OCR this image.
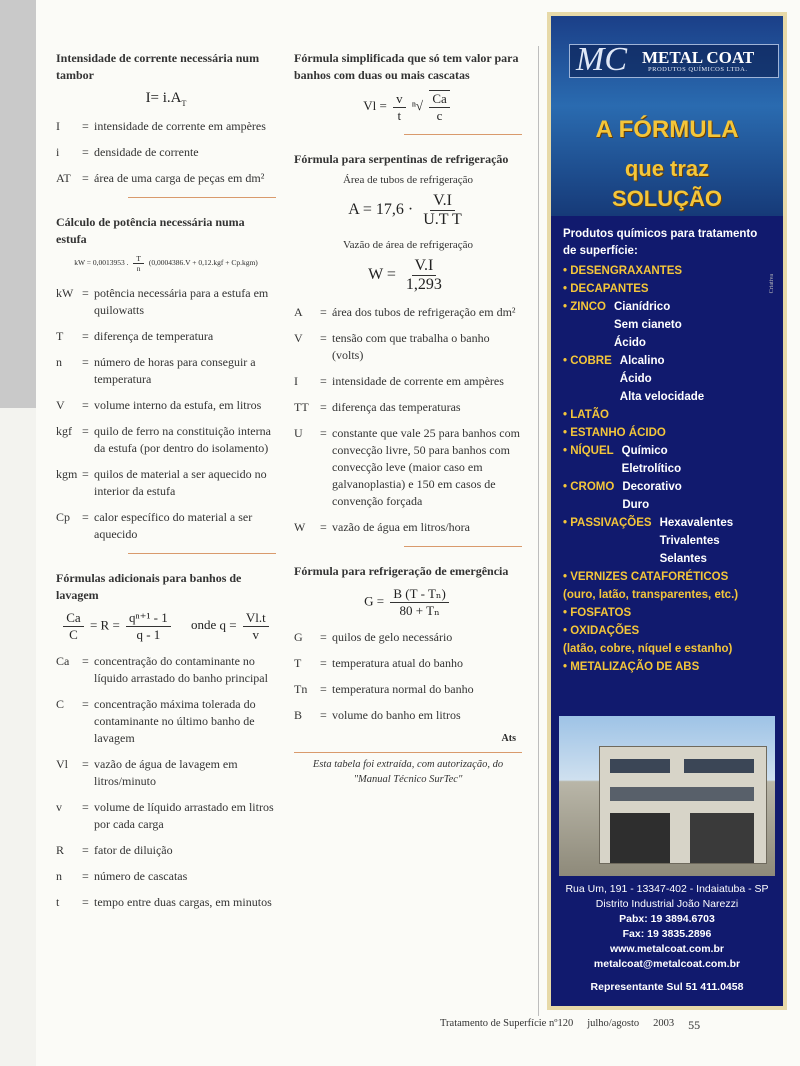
Intensidade de corrente necessária num tambor
$I= i.A_T$
I	= intensidade de corrente em ampères
i	= densidade de corrente
AT = área de uma carga de peças em dm²
Cálculo de potência necessária numa estufa
kW = 0,0013953 . $\frac{T}{n} (0,0004386.V + 0,12.kgf + Cp.kgm)$
kW = potência necessária para a estufa em quilowatts
T	= diferença de temperatura
n	= número de horas para conseguir a temperatura
V	= volume interno da estufa, em litros
kgf = quilo de ferro na constituição interna da estufa (por dentro do isolamento)
kgm = quilos de material a ser aquecido no interior da estufa
Cp = calor específico do material a ser aquecido
Fórmulas adicionais para banhos de lavagem
$\frac{Ca}{C} = R = \frac{\text{qⁿ⁺¹ - 1}}{q - 1}$ onde $q = \frac{Vl.t}{v}$
Ca	= concentração do contaminante no líquido arrastado do banho principal
C	= concentração máxima tolerada do contaminante no último banho de lavagem
Vl	= vazão de água de lavagem em litros/minuto
v	= volume de líquido arrastado em litros por cada carga
R	= fator de diluição
n	= número de cascatas
t	= tempo entre duas cargas, em minutos
Fórmula simplificada que só tem valor para banhos com duas ou mais cascatas
$Vl = \frac{v}{t} ^n√ \frac{Ca}{c}$
Fórmula para serpentinas de refrigeração
Área de tubos de refrigeração
$A = 17,6 \cdot \frac{V.I}{\text{U.T T}}$
Vazão de área de refrigeração
$W = \frac{V.I}{1,293}$
A	= área dos tubos de refrigeração em dm²
V	= tensão com que trabalha o banho (volts)
I	= intensidade de corrente em ampères
TT = diferença das temperaturas
U	= constante que vale 25 para banhos com convecção livre, 50 para banhos com convecção leve (maior caso em galvanoplastia) e 150 em casos de convenção forçada
W	= vazão de água em litros/hora
Fórmula para refrigeração de emergência
$G = \frac{\text{B (T - Tₙ)}}{\text{80 + Tₙ}}$
G	= quilos de gelo necessário
T	= temperatura atual do banho
Tn	= temperatura normal do banho
B	= volume do banho em litros
Ats
Esta tabela foi extraída, com autorização, do "Manual Técnico SurTec"
MC METAL COAT
PRODUTOS QUÍMICOS LTDA.
A FÓRMULA
que traz
SOLUÇÃO
Produtos químicos para tratamento de superfície:
• DESENGRAXANTES
• DECAPANTES
• ZINCO Cianídrico
Sem cianeto
Ácido
• COBRE Alcalino
Ácido
Alta velocidade
• LATÃO
• ESTANHO ÁCIDO
• NÍQUEL Químico
Eletrolítico
• CROMO Decorativo
Duro
• PASSIVAÇÕES Hexavalentes
Trivalentes
Selantes
• VERNIZES CATAFORÉTICOS
(ouro, latão, transparentes, etc.)
• FOSFATOS
• OXIDAÇÕES
(latão, cobre, níquel e estanho)
• METALIZAÇÃO DE ABS
Criativa
Rua Um, 191 - 13347-402 - Indaiatuba - SP
Distrito Industrial João Narezzi
Pabx: 19 3894.6703
Fax: 19 3835.2896
www.metalcoat.com.br
metalcoat@metalcoat.com.br
Representante Sul 51 411.0458
Tratamento de Superfície nº120 julho/agosto 2003 55
